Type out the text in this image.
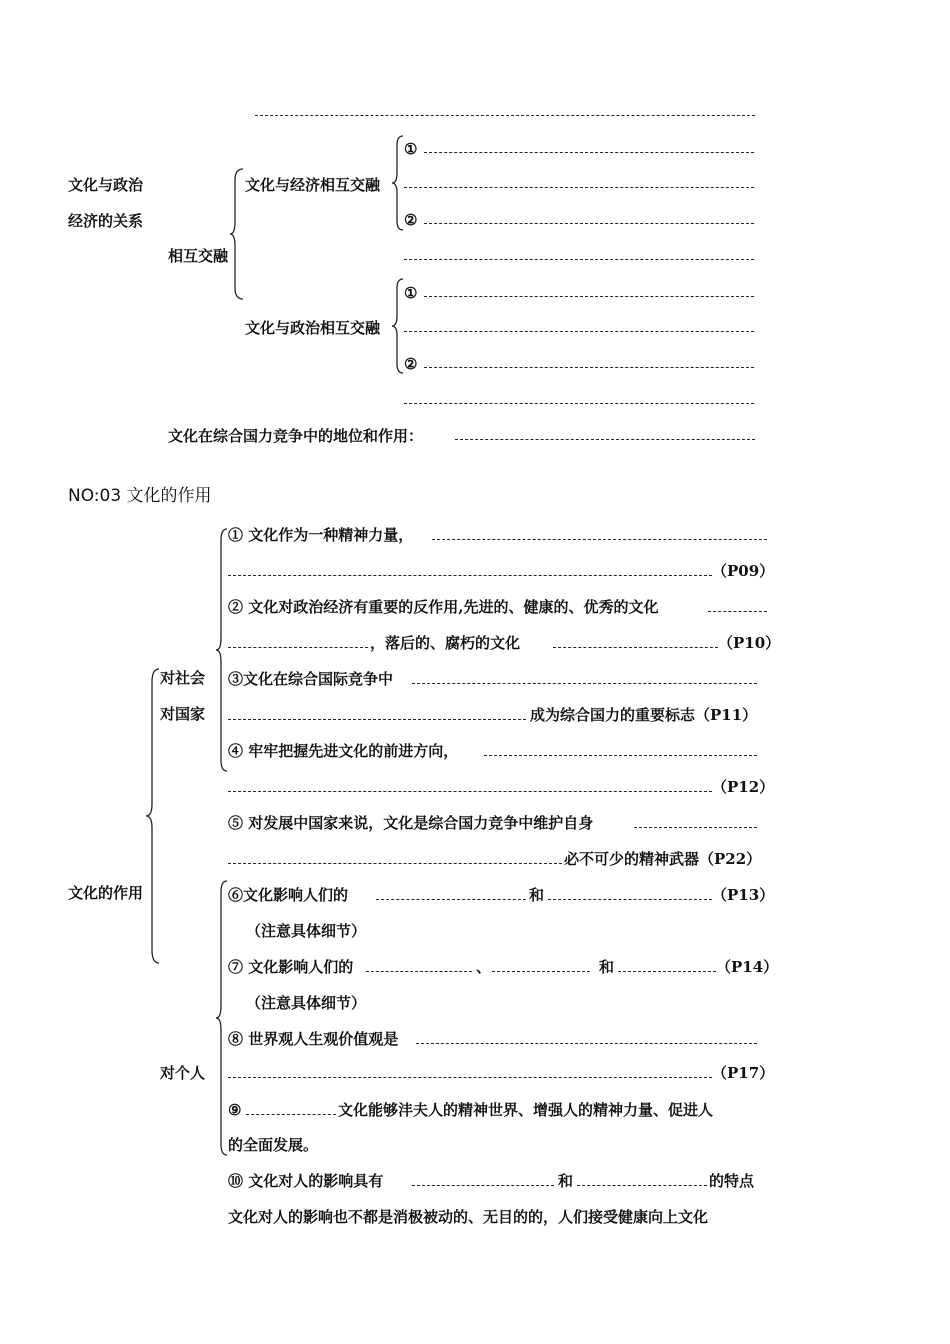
文化与政治
经济的关系
相互交融
文化与经济相互交融
①
②
文化与政治相互交融
①
②
文化在综合国力竞争中的地位和作用：
NO:03 文化的作用
文化的作用
对社会
对国家
对个人
① 文化作为一种精神力量，
（P09）
② 文化对政治经济有重要的反作用,先进的、健康的、优秀的文化
，落后的、腐朽的文化	（P10）
③文化在综合国际竞争中
成为综合国力的重要标志（P11）
④ 牢牢把握先进文化的前进方向，
（P12）
⑤ 对发展中国家来说，文化是综合国力竞争中维护自身
必不可少的精神武器（P22）
⑥文化影响人们的	和	（P13）
（注意具体细节）
⑦ 文化影响人们的	、	和	（P14）
（注意具体细节）
⑧ 世界观人生观价值观是
（P17）
⑨	文化能够沣夫人的精神世界、增强人的精神力量、促进人
的全面发展。
⑩ 文化对人的影响具有	和	的特点
文化对人的影响也不都是消极被动的、无目的的，人们接受健康向上文化
